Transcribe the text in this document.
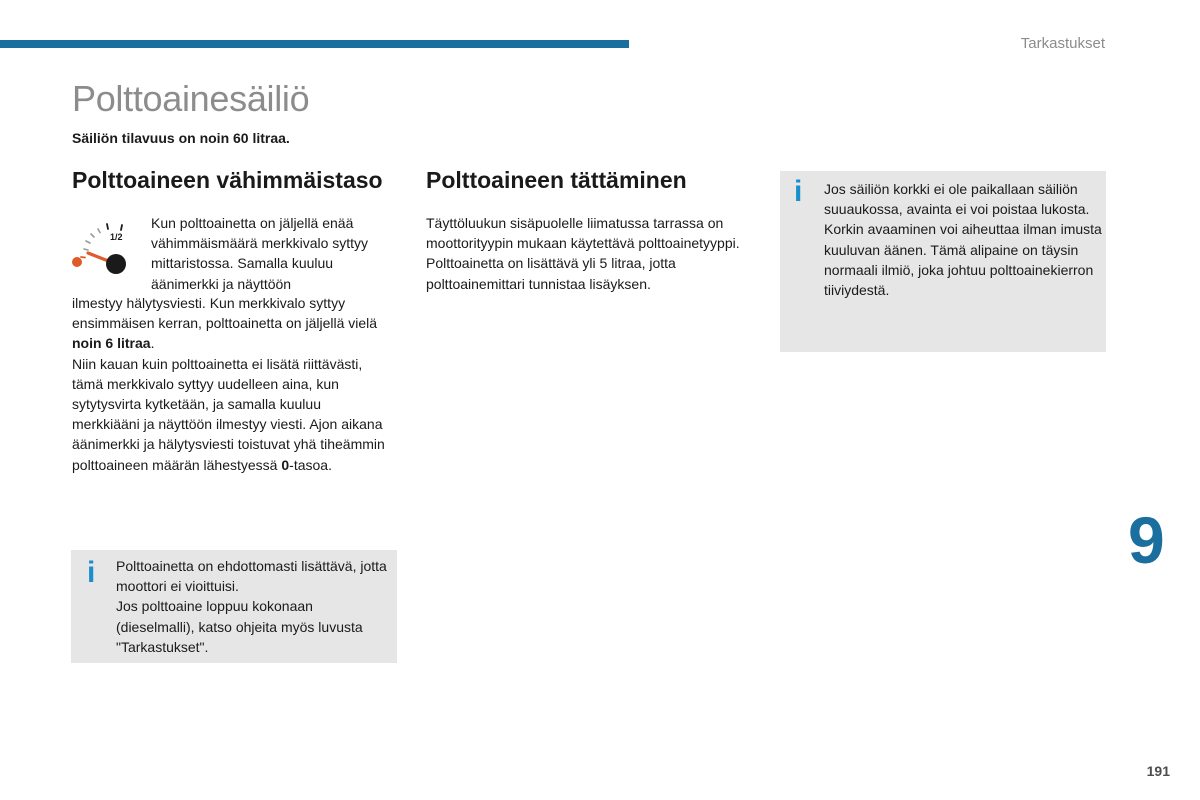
Tarkastukset
Polttoainesäiliö
Säiliön tilavuus on noin 60 litraa.
Polttoaineen vähimmäistaso Polttoaineen tättäminen
1/2

Kun polttoainetta on jäljellä enää vähimmäismäärä merkkivalo syttyy mittaristossa. Samalla kuuluu äänimerkki ja näyttöön

ilmestyy hälytysviesti. Kun merkkivalo syttyy ensimmäisen kerran, polttoainetta on jäljellä vielä noin 6 litraa.

Niin kauan kuin polttoainetta ei lisätä riittävästi, tämä merkkivalo syttyy uudelleen aina, kun sytytysvirta kytketään, ja samalla kuuluu merkkiääni ja näyttöön ilmestyy viesti. Ajon aikana äänimerkki ja hälytysviesti toistuvat yhä tiheämmin polttoaineen määrän lähestyessä 0-tasoa.

i Polttoainetta on ehdottomasti lisättävä, jotta moottori ei vioittuisi.

Jos polttoaine loppuu kokonaan (dieselmalli), katso ohjeita myös luvusta "Tarkastukset".

Täyttöluukun sisäpuolelle liimatussa tarrassa on moottorityypin mukaan käytettävä polttoainetyyppi.

Polttoainetta on lisättävä yli 5 litraa, jotta polttoainemittari tunnistaa lisäyksen.

i Jos säiliön korkki ei ole paikallaan säiliön suuaukossa, avainta ei voi poistaa lukosta.

Korkin avaaminen voi aiheuttaa ilman imusta kuuluvan äänen. Tämä alipaine on täysin normaali ilmiö, joka johtuu polttoainekierron tiiviydestä.

9
191
